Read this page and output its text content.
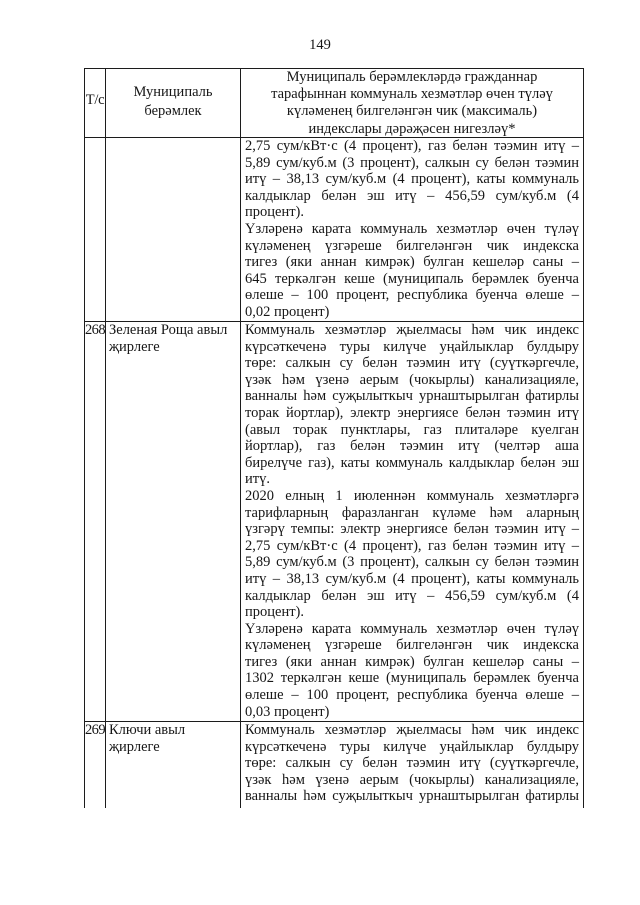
149
Т/с	Муниципаль
берәмлек
Муниципаль берәмлекләрдә гражданнар
тарафыннан коммуналь хезмәтләр өчен түләү
күләменең билгеләнгән чик (максималь)
индекслары дәрәҗәсен нигезләү*
2,75 сум/кВт·с (4 процент), газ белән тәэмин итү –
5,89 сум/куб.м (3 процент), салкын су белән тәэмин
итү – 38,13 сум/куб.м (4 процент), каты коммуналь
калдыклар белән эш итү – 456,59 сум/куб.м (4
процент).
Үзләренә карата коммуналь хезмәтләр өчен түләү
күләменең үзгәреше билгеләнгән чик индекска
тигез (яки аннан кимрәк) булган кешеләр саны –
645 теркәлгән кеше (муниципаль берәмлек буенча
өлеше – 100 процент, республика буенча өлеше –
0,02 процент)
268 Зеленая Роща авыл
җирлеге
Коммуналь хезмәтләр җыелмасы һәм чик индекс
күрсәткеченә туры килүче уңайлыклар булдыру
төре: салкын су белән тәэмин итү (суүткәргечле,
үзәк һәм үзенә аерым (чокырлы) канализацияле,
ванналы һәм суҗылыткыч урнаштырылган фатирлы
торак йортлар), электр энергиясе белән тәэмин итү
(авыл торак пунктлары, газ плиталәре куелган
йортлар), газ белән тәэмин итү (челтәр аша
бирелүче газ), каты коммуналь калдыклар белән эш
итү.
2020 елның 1 июленнән коммуналь хезмәтләргә
тарифларның фаразланган күләме һәм аларның
үзгәрү темпы: электр энергиясе белән тәэмин итү –
2,75 сум/кВт·с (4 процент), газ белән тәэмин итү –
5,89 сум/куб.м (3 процент), салкын су белән тәэмин
итү – 38,13 сум/куб.м (4 процент), каты коммуналь
калдыклар белән эш итү – 456,59 сум/куб.м (4
процент).
Үзләренә карата коммуналь хезмәтләр өчен түләү
күләменең үзгәреше билгеләнгән чик индекска
тигез (яки аннан кимрәк) булган кешеләр саны –
1302 теркәлгән кеше (муниципаль берәмлек буенча
өлеше – 100 процент, республика буенча өлеше –
0,03 процент)
269 Ключи авыл
җирлеге
Коммуналь хезмәтләр җыелмасы һәм чик индекс
күрсәткеченә туры килүче уңайлыклар булдыру
төре: салкын су белән тәэмин итү (суүткәргечле,
үзәк һәм үзенә аерым (чокырлы) канализацияле,
ванналы һәм суҗылыткыч урнаштырылган фатирлы
